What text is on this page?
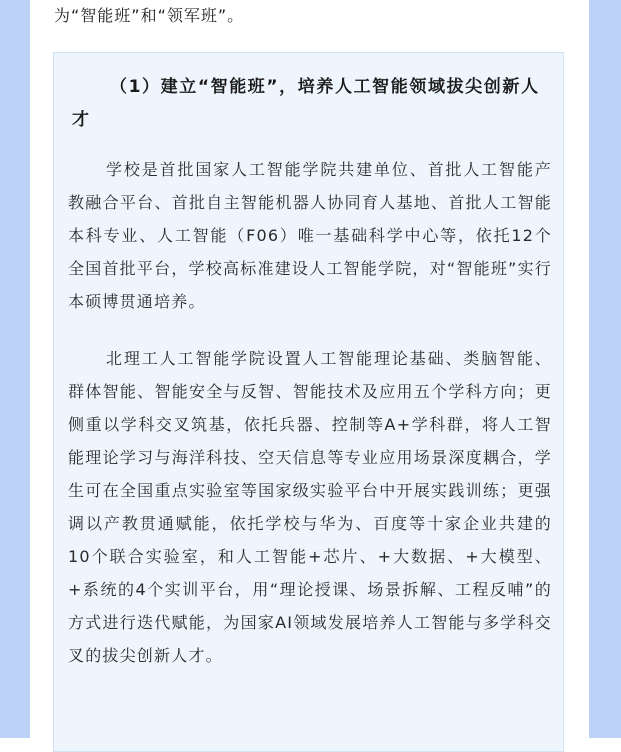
为“智能班”和“领军班”。
（1）建立“智能班”，培养人工智能领域拔尖创新人才

学校是首批国家人工智能学院共建单位、首批人工智能产教融合平台、首批自主智能机器人协同育人基地、首批人工智能本科专业、人工智能（F06）唯一基础科学中心等，依托12个全国首批平台，学校高标准建设人工智能学院，对“智能班”实行本硕博贯通培养。

北理工人工智能学院设置人工智能理论基础、类脑智能、群体智能、智能安全与反智、智能技术及应用五个学科方向；更侧重以学科交叉筑基，依托兵器、控制等A+学科群，将人工智能理论学习与海洋科技、空天信息等专业应用场景深度耦合，学生可在全国重点实验室等国家级实验平台中开展实践训练；更强调以产教贯通赋能，依托学校与华为、百度等十家企业共建的10个联合实验室，和人工智能+芯片、+大数据、+大模型、+系统的4个实训平台，用“理论授课、场景拆解、工程反哺”的方式进行迭代赋能，为国家AI领域发展培养人工智能与多学科交叉的拔尖创新人才。
